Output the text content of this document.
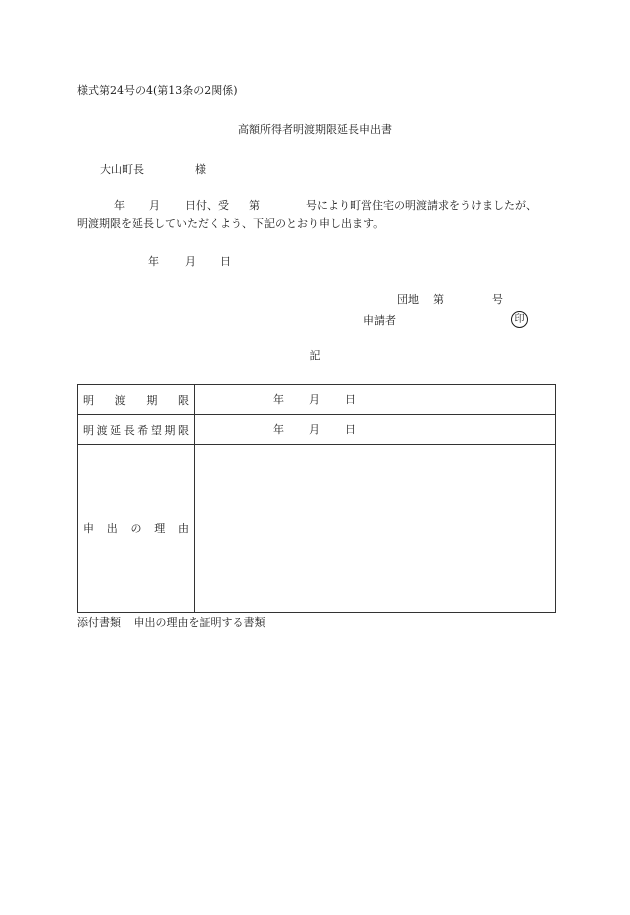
様式第24号の4(第13条の2関係)
高額所得者明渡期限延長申出書
大山町長	様
年 月 日付、受 第	号により町営住宅の明渡請求をうけましたが、
明渡期限を延長していただくよう、下記のとおり申し出ます。
年 月 日
団地 第	号
申請者	印
記
明 渡 期 限	年 月 日
明 渡 延 長 希 望 期 限	年 月 日
申 出 の 理 由
添付書類 申出の理由を証明する書類
